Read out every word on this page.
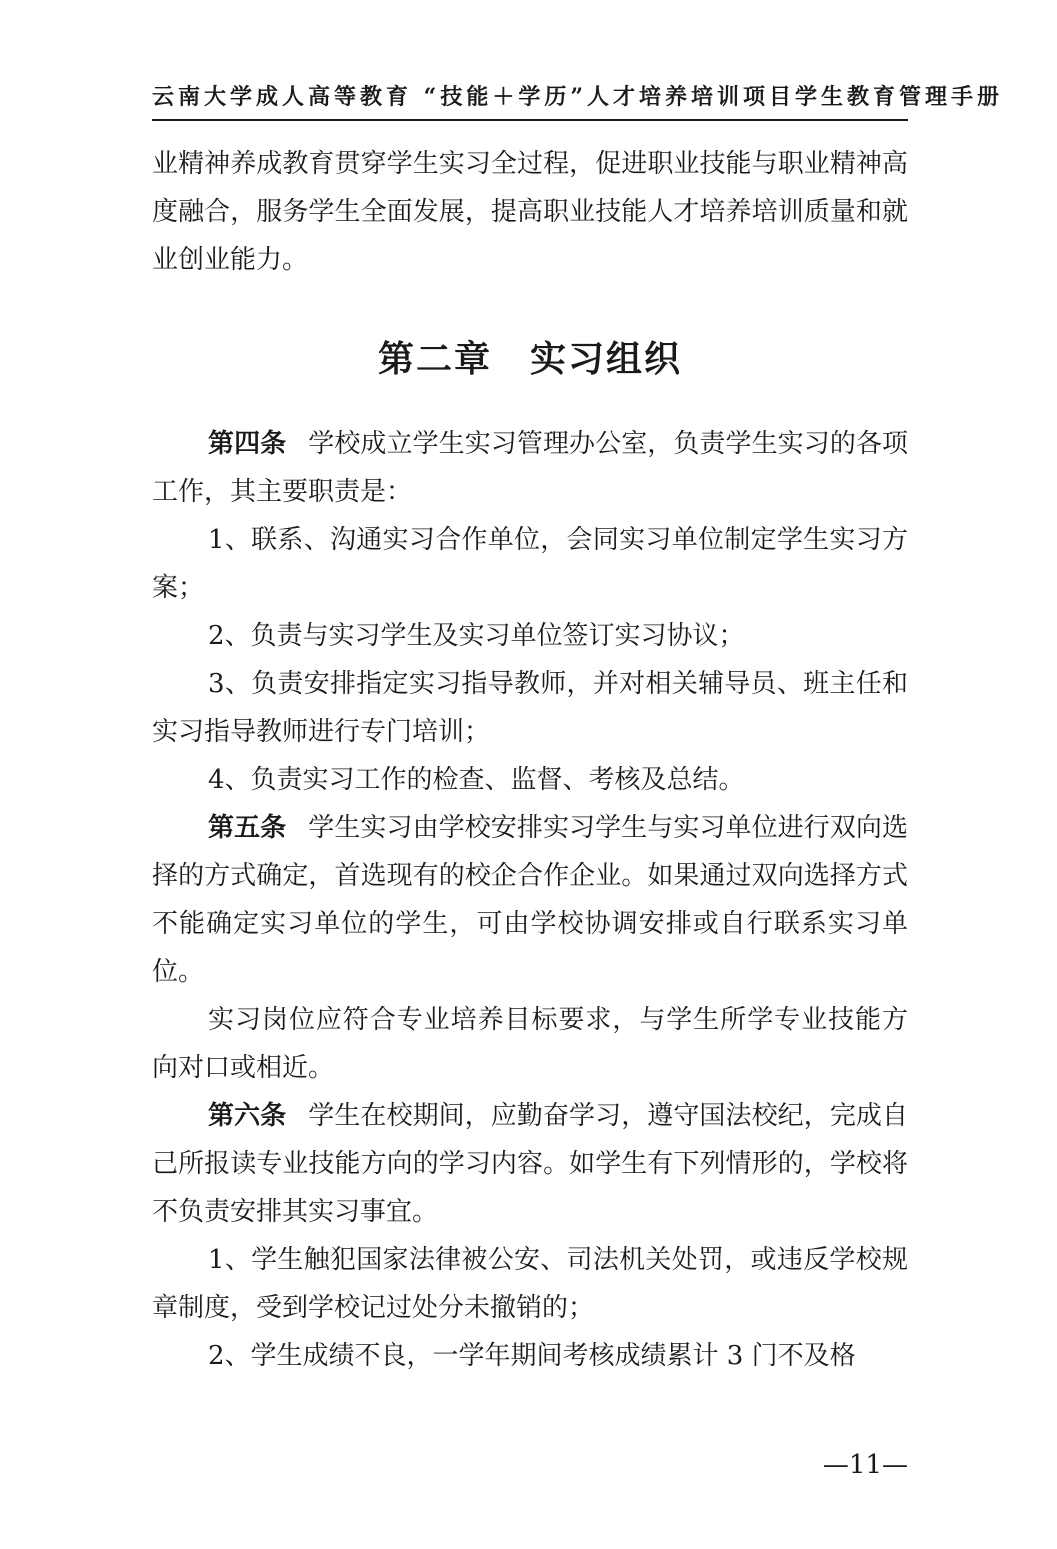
云南大学成人高等教育 “技能＋学历”人才培养培训项目学生教育管理手册

业精神养成教育贯穿学生实习全过程，促进职业技能与职业精神高度融合，服务学生全面发展，提高职业技能人才培养培训质量和就业创业能力。

第二章　实习组织

第四条 学校成立学生实习管理办公室，负责学生实习的各项工作，其主要职责是：

1、联系、沟通实习合作单位，会同实习单位制定学生实习方案；

2、负责与实习学生及实习单位签订实习协议；

3、负责安排指定实习指导教师，并对相关辅导员、班主任和实习指导教师进行专门培训；

4、负责实习工作的检查、监督、考核及总结。

第五条 学生实习由学校安排实习学生与实习单位进行双向选择的方式确定，首选现有的校企合作企业。如果通过双向选择方式不能确定实习单位的学生，可由学校协调安排或自行联系实习单位。

实习岗位应符合专业培养目标要求，与学生所学专业技能方向对口或相近。

第六条 学生在校期间，应勤奋学习，遵守国法校纪，完成自己所报读专业技能方向的学习内容。如学生有下列情形的，学校将不负责安排其实习事宜。

1、学生触犯国家法律被公安、司法机关处罚，或违反学校规章制度，受到学校记过处分未撤销的；

2、学生成绩不良，一学年期间考核成绩累计 3 门不及格

—11—
